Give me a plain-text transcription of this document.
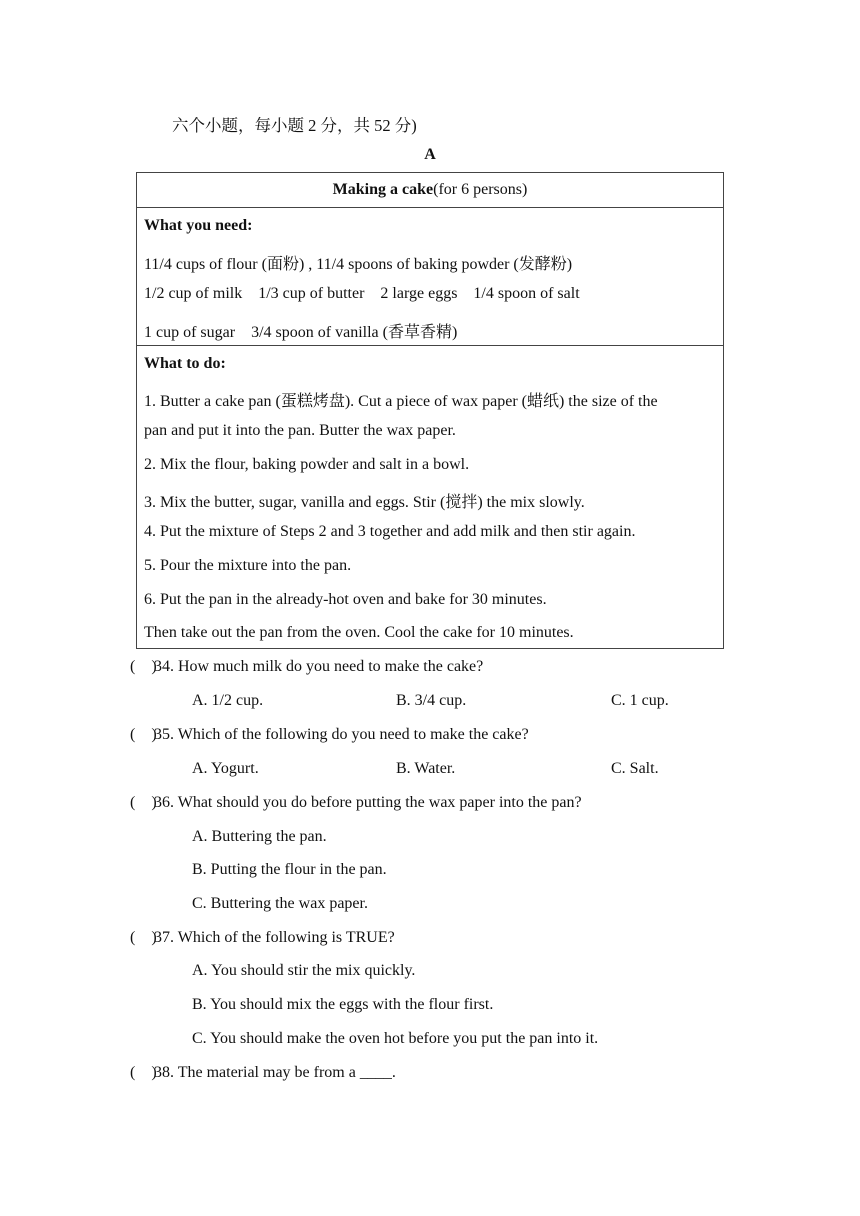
六个小题，每小题 2 分，共 52 分)
A
Making a cake(for 6 persons)
What you need:
11/4 cups of flour (面粉) , 11/4 spoons of baking powder (发酵粉)
1/2 cup of milk    1/3 cup of butter    2 large eggs    1/4 spoon of salt
1 cup of sugar    3/4 spoon of vanilla (香草香精)
What to do:
1. Butter a cake pan (蛋糕烤盘). Cut a piece of wax paper (蜡纸) the size of the
pan and put it into the pan. Butter the wax paper.
2. Mix the flour, baking powder and salt in a bowl.
3. Mix the butter, sugar, vanilla and eggs. Stir (搅拌) the mix slowly.
4. Put the mixture of Steps 2 and 3 together and add milk and then stir again.
5. Pour the mixture into the pan.
6. Put the pan in the already-hot oven and bake for 30 minutes.
Then take out the pan from the oven. Cool the cake for 10 minutes.
(    )
34. How much milk do you need to make the cake?
A. 1/2 cup.	B. 3/4 cup.	C. 1 cup.
(    )
35. Which of the following do you need to make the cake?
A. Yogurt.	B. Water.	C. Salt.
(    )
36. What should you do before putting the wax paper into the pan?
A. Buttering the pan.
B. Putting the flour in the pan.
C. Buttering the wax paper.
(    )
37. Which of the following is TRUE?
A. You should stir the mix quickly.
B. You should mix the eggs with the flour first.
C. You should make the oven hot before you put the pan into it.
(    )
38. The material may be from a ____.
